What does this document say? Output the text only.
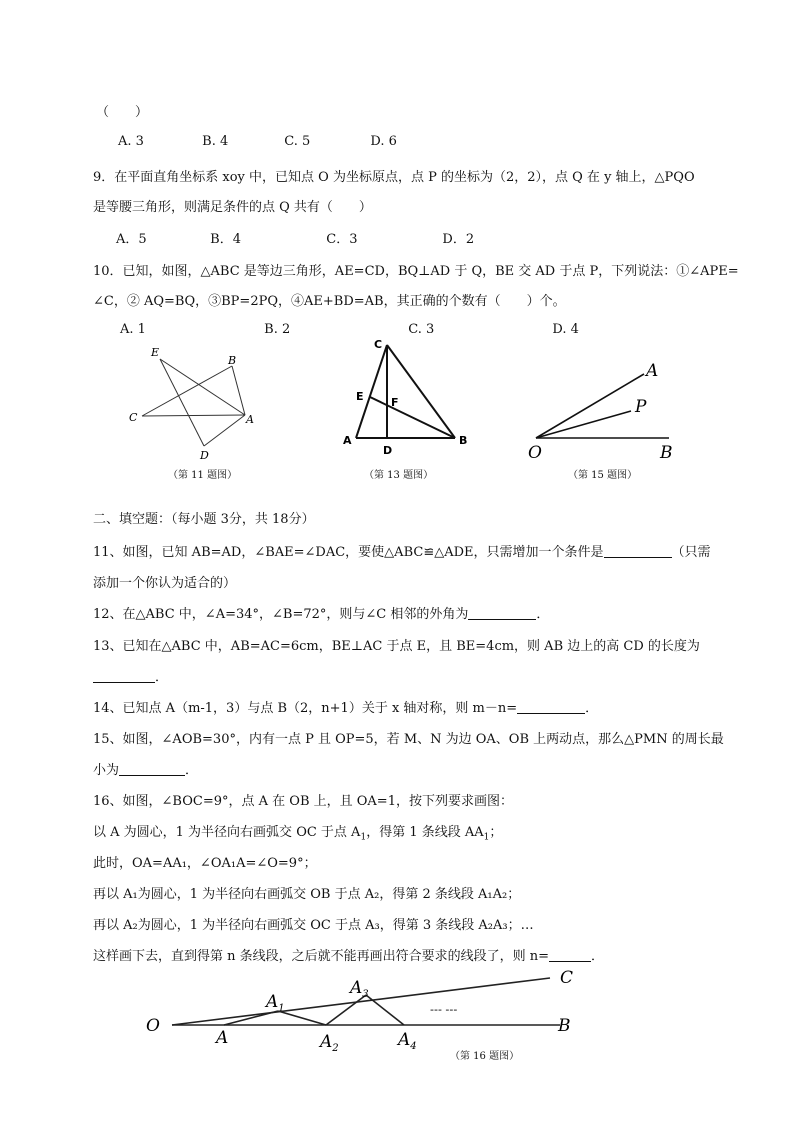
（　　）
A. 3	B. 4	C. 5	D. 6
9．在平面直角坐标系 xoy 中，已知点 O 为坐标原点，点 P 的坐标为（2，2），点 Q 在 y 轴上，△PQO
是等腰三角形，则满足条件的点 Q 共有（　　）
A．5	B．4	C．3	D．2
10．已知，如图，△ABC 是等边三角形，AE=CD，BQ⊥AD 于 Q，BE 交 AD 于点 P，下列说法：①∠APE=
∠C，② AQ=BQ，③BP=2PQ，④AE+BD=AB，其正确的个数有（　　）个。
A. 1	B. 2	C. 3	D. 4
E
B
C	A
D
（第 11 题图）
C
E F
A
D
B
（第 13 题图）
A
P
O	B
（第 15 题图）
二、填空题：（每小题 3分，共 18分）
11、如图，已知 AB=AD，∠BAE=∠DAC，要使△ABC≌△ADE，只需增加一个条件是	（只需
添加一个你认为适合的）
12、在△ABC 中，∠A=34°，∠B=72°，则与∠C 相邻的外角为	．
13、已知在△ABC 中，AB=AC=6cm，BE⊥AC 于点 E，且 BE=4cm，则 AB 边上的高 CD 的长度为
．
14、已知点 A（m-1，3）与点 B（2，n+1）关于 x 轴对称，则 m－n=	．
15、如图，∠AOB=30°，内有一点 P 且 OP=5，若 M、N 为边 OA、OB 上两动点，那么△PMN 的周长最
小为	．
16、如图，∠BOC=9°，点 A 在 OB 上，且 OA=1，按下列要求画图：
以 A 为圆心，1 为半径向右画弧交 OC 于点 $A_1$，得第 1 条线段 $AA_1$；
此时，OA=AA₁，∠OA₁A=∠O=9°；
再以 A₁为圆心，1 为半径向右画弧交 OB 于点 A₂，得第 2 条线段 A₁A₂；
再以 A₂为圆心，1 为半径向右画弧交 OC 于点 A₃，得第 3 条线段 A₂A₃；…
这样画下去，直到得第 n 条线段，之后就不能再画出符合要求的线段了，则 n=	．
--- ---
O
A
$A_1$
$A_2$
$A_3$
$A_4$
B
C
（第 16 题图）
